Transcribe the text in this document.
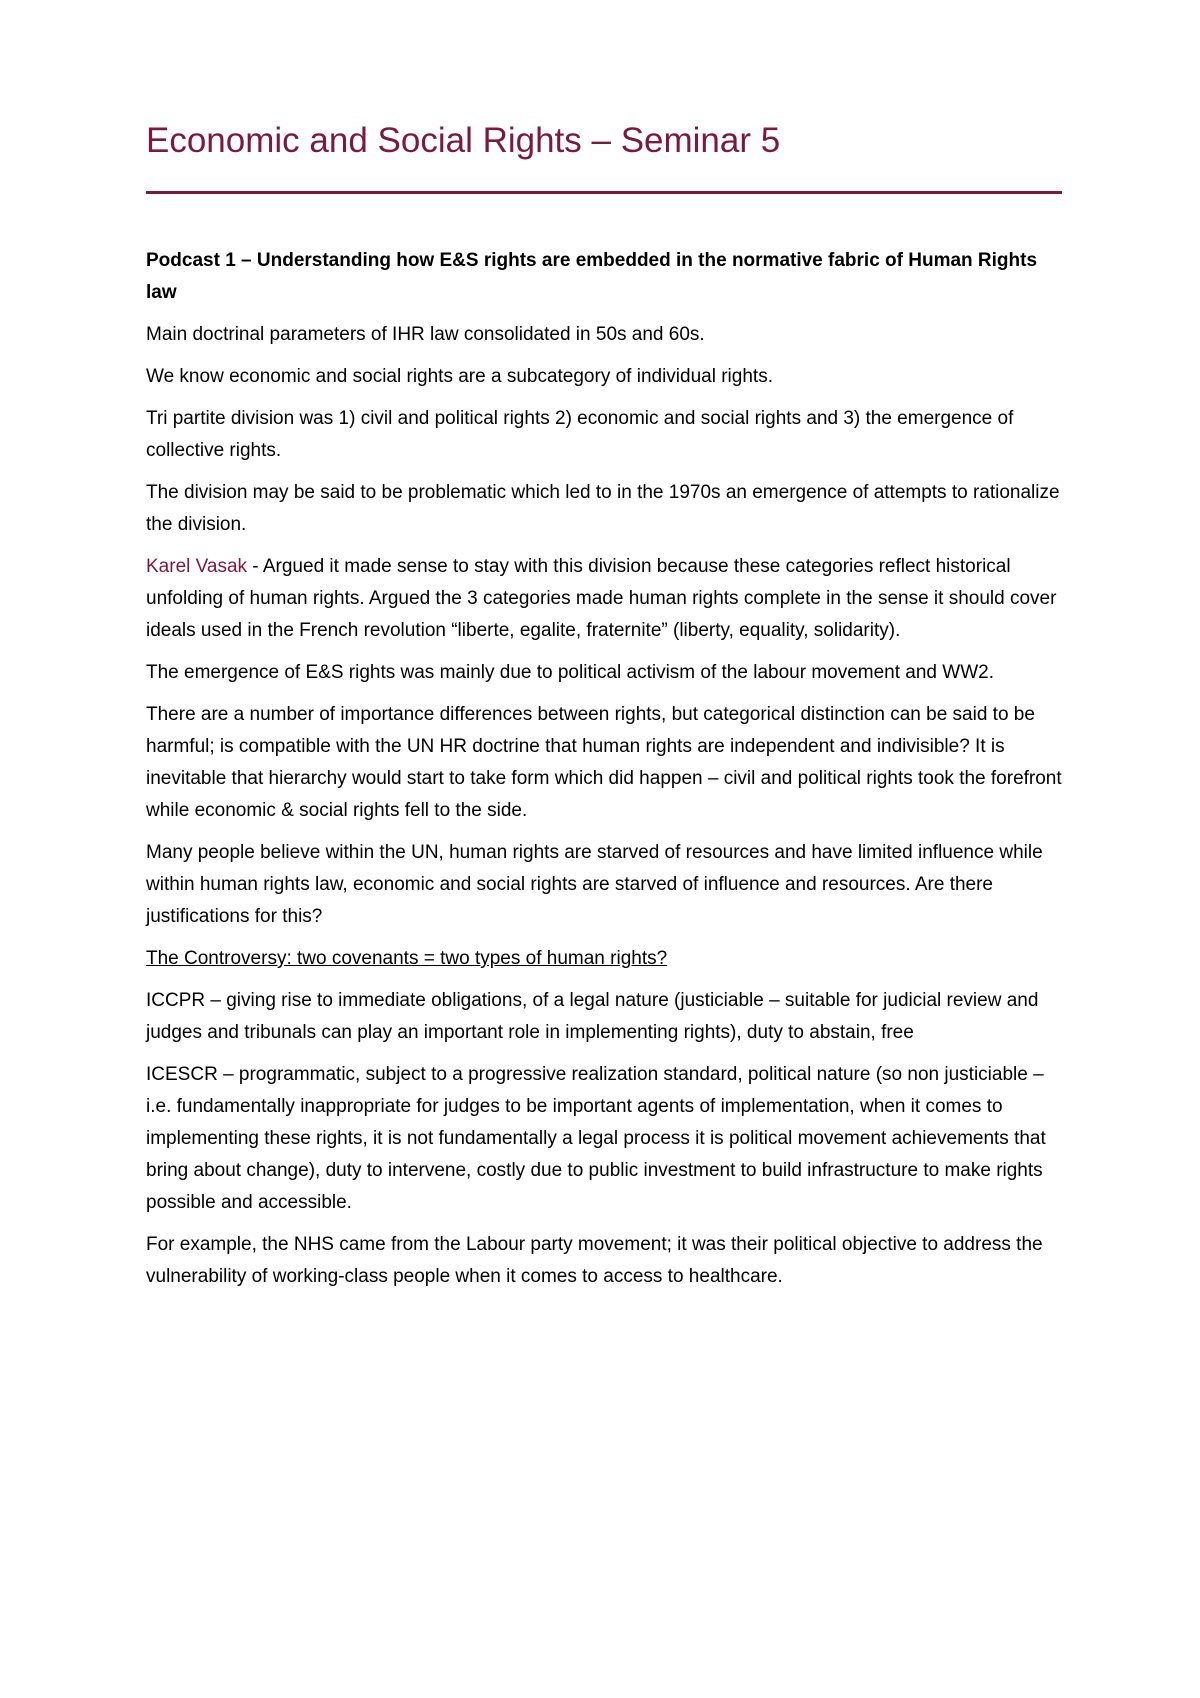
Economic and Social Rights – Seminar 5

Podcast 1 – Understanding how E&S rights are embedded in the normative fabric of Human Rights law

Main doctrinal parameters of IHR law consolidated in 50s and 60s.

We know economic and social rights are a subcategory of individual rights.

Tri partite division was 1) civil and political rights 2) economic and social rights and 3) the emergence of collective rights.

The division may be said to be problematic which led to in the 1970s an emergence of attempts to rationalize the division.

Karel Vasak - Argued it made sense to stay with this division because these categories reflect historical unfolding of human rights. Argued the 3 categories made human rights complete in the sense it should cover ideals used in the French revolution “liberte, egalite, fraternite” (liberty, equality, solidarity).

The emergence of E&S rights was mainly due to political activism of the labour movement and WW2.

There are a number of importance differences between rights, but categorical distinction can be said to be harmful; is compatible with the UN HR doctrine that human rights are independent and indivisible? It is inevitable that hierarchy would start to take form which did happen – civil and political rights took the forefront while economic & social rights fell to the side.

Many people believe within the UN, human rights are starved of resources and have limited influence while within human rights law, economic and social rights are starved of influence and resources. Are there justifications for this?

The Controversy: two covenants = two types of human rights?

ICCPR – giving rise to immediate obligations, of a legal nature (justiciable – suitable for judicial review and judges and tribunals can play an important role in implementing rights), duty to abstain, free

ICESCR – programmatic, subject to a progressive realization standard, political nature (so non justiciable – i.e. fundamentally inappropriate for judges to be important agents of implementation, when it comes to implementing these rights, it is not fundamentally a legal process it is political movement achievements that bring about change), duty to intervene, costly due to public investment to build infrastructure to make rights possible and accessible.

For example, the NHS came from the Labour party movement; it was their political objective to address the vulnerability of working-class people when it comes to access to healthcare.
